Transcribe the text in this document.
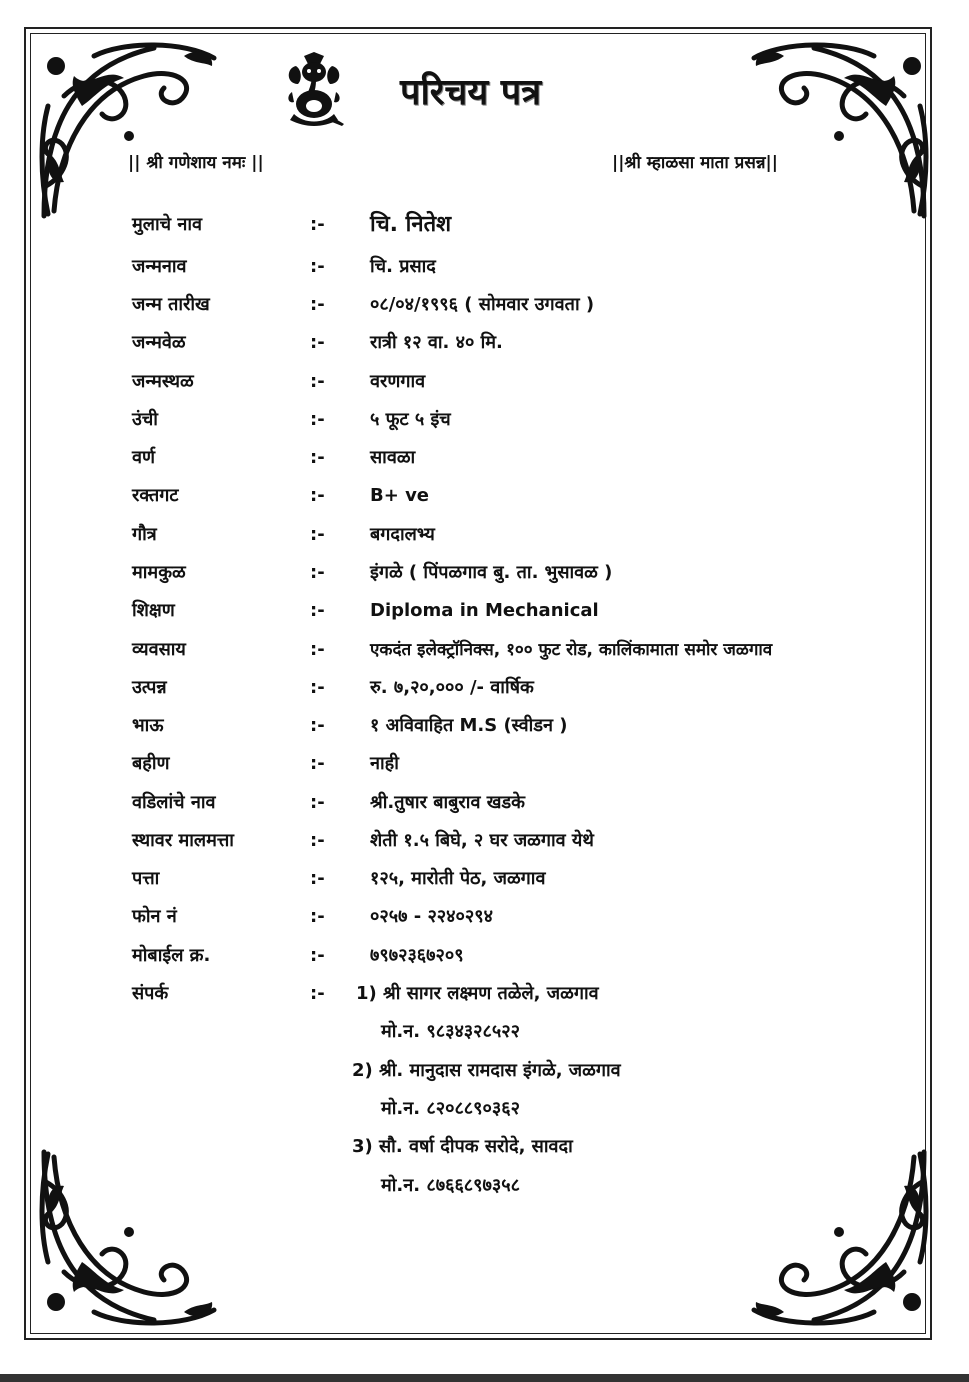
परिचय पत्र
|| श्री गणेशाय नमः ||	||श्री म्हाळसा माता प्रसन्न||
मुलाचे नाव	:- चि. नितेश
जन्मनाव	:-	चि. प्रसाद
जन्म तारीख	:-	०८/०४/१९९६ ( सोमवार उगवता )
जन्मवेळ	:-	रात्री १२ वा. ४० मि.
जन्मस्थळ	:-	वरणगाव
उंची	:-	५ फूट ५ इंच
वर्ण	:-	सावळा
रक्तगट	:-	B+ ve
गौत्र	:-	बगदालभ्य
मामकुळ	:-	इंगळे ( पिंपळगाव बु. ता. भुसावळ )
शिक्षण	:-	Diploma in Mechanical
व्यवसाय	:-	एकदंत इलेक्ट्रॉनिक्स, १०० फुट रोड, कालिंकामाता समोर जळगाव
उत्पन्न	:-	रु. ७,२०,००० /- वार्षिक
भाऊ	:-	१ अविवाहित M.S (स्वीडन )
बहीण	:-	नाही
वडिलांचे नाव	:-	श्री.तुषार बाबुराव खडके
स्थावर मालमत्ता	:-	शेती १.५ बिघे, २ घर जळगाव येथे
पत्ता	:-	१२५, मारोती पेठ, जळगाव
फोन नं	:-	०२५७ - २२४०२९४
मोबाईल क्र.	:-	७९७२३६७२०९
संपर्क	:- 1) श्री सागर लक्ष्मण तळेले, जळगाव
मो.न. ९८३४३२८५२२
2) श्री. मानुदास रामदास इंगळे, जळगाव
मो.न. ८२०८८९०३६२
3) सौ. वर्षा दीपक सरोदे, सावदा
मो.न. ८७६६८९७३५८
